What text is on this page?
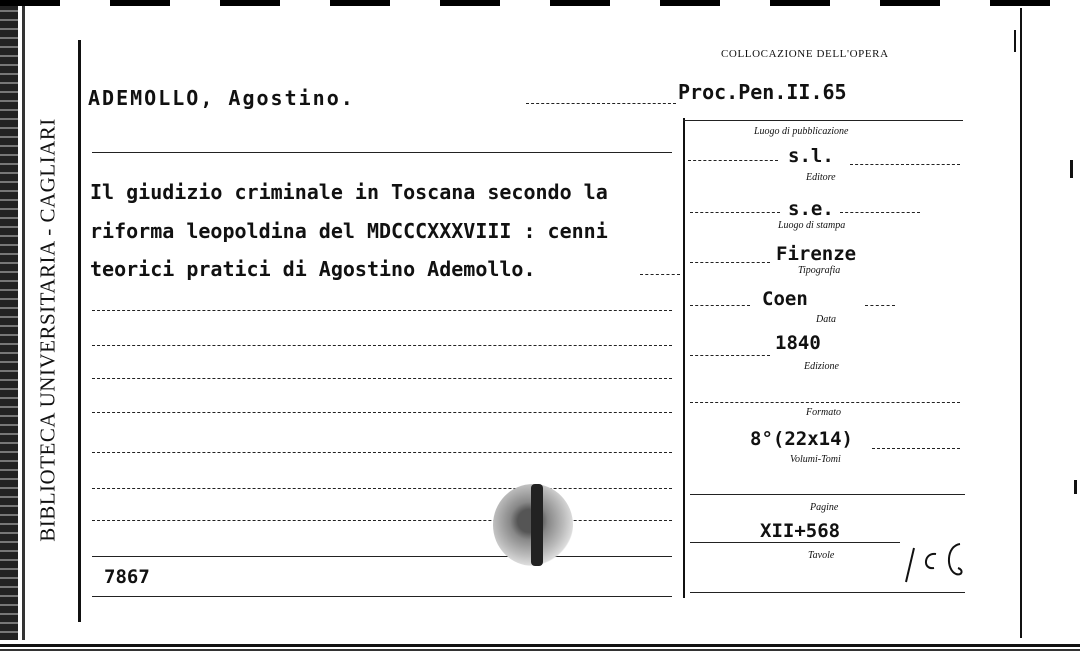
BIBLIOTECA UNIVERSITARIA - CAGLIARI
COLLOCAZIONE DELL'OPERA
ADEMOLLO, Agostino.	Proc.Pen.II.65
Il giudizio criminale in Toscana secondo la
riforma leopoldina del MDCCCXXXVIII : cenni
teorici pratici di Agostino Ademollo.
7867
Luogo di pubblicazione
s.l.
Editore
s.e.
Luogo di stampa
Firenze
Tipografia
Coen
Data
1840
Edizione
Formato
8°(22x14)
Volumi-Tomi
Pagine
XII+568
Tavole
